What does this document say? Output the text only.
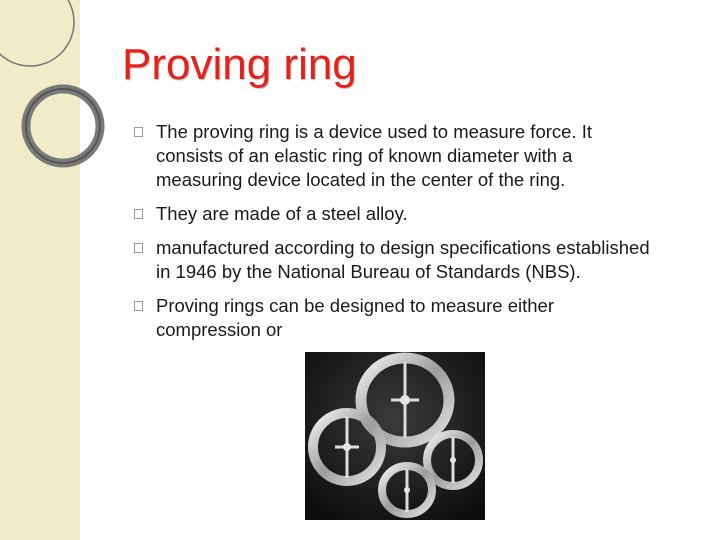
Proving ring
The proving ring is a device used to measure force. It consists of an elastic ring of known diameter with a measuring device located in the center of the ring.
They are made of a steel alloy.
manufactured according to design specifications established in 1946 by the National Bureau of Standards (NBS).
Proving rings can be designed to measure either compression or
